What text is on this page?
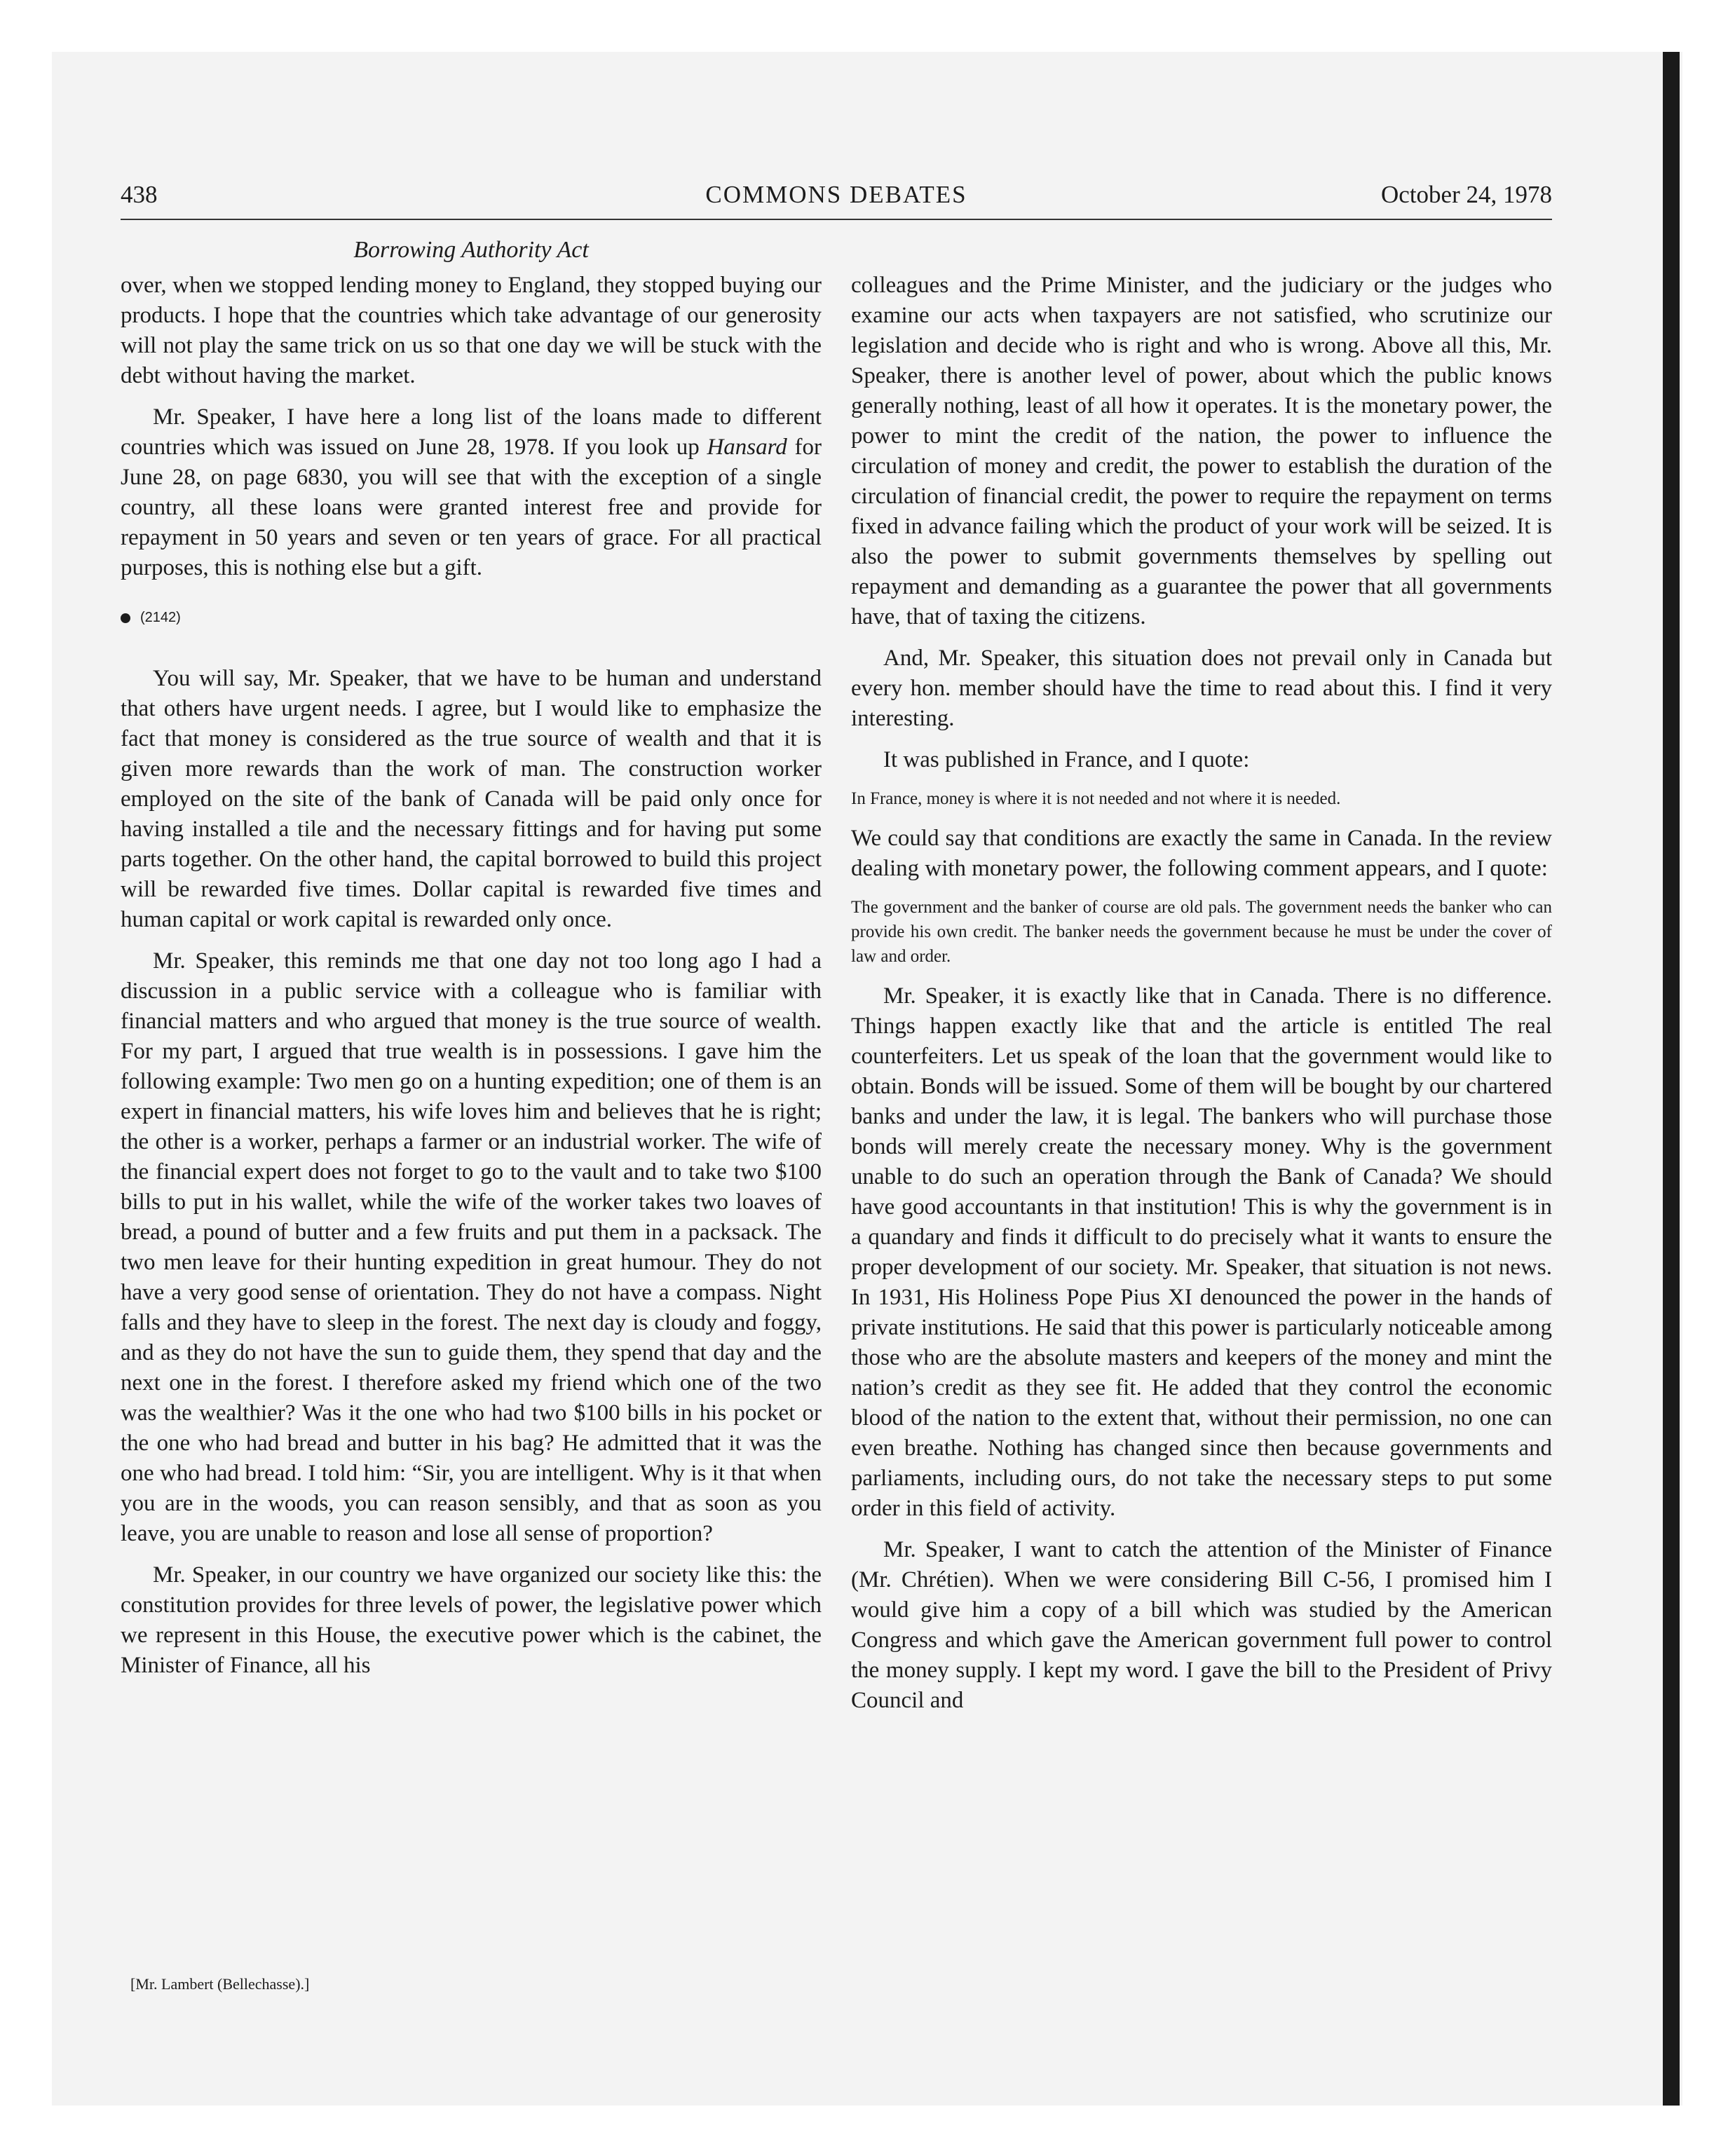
438	COMMONS DEBATES	October 24, 1978
Borrowing Authority Act

over, when we stopped lending money to England, they stopped buying our products. I hope that the countries which take advantage of our generosity will not play the same trick on us so that one day we will be stuck with the debt without having the market.

Mr. Speaker, I have here a long list of the loans made to different countries which was issued on June 28, 1978. If you look up Hansard for June 28, on page 6830, you will see that with the exception of a single country, all these loans were granted interest free and provide for repayment in 50 years and seven or ten years of grace. For all practical purposes, this is nothing else but a gift.

(2142)

You will say, Mr. Speaker, that we have to be human and understand that others have urgent needs. I agree, but I would like to emphasize the fact that money is considered as the true source of wealth and that it is given more rewards than the work of man. The construction worker employed on the site of the bank of Canada will be paid only once for having installed a tile and the necessary fittings and for having put some parts together. On the other hand, the capital borrowed to build this project will be rewarded five times. Dollar capital is rewarded five times and human capital or work capital is rewarded only once.

Mr. Speaker, this reminds me that one day not too long ago I had a discussion in a public service with a colleague who is familiar with financial matters and who argued that money is the true source of wealth. For my part, I argued that true wealth is in possessions. I gave him the following example: Two men go on a hunting expedition; one of them is an expert in financial matters, his wife loves him and believes that he is right; the other is a worker, perhaps a farmer or an industrial worker. The wife of the financial expert does not forget to go to the vault and to take two $100 bills to put in his wallet, while the wife of the worker takes two loaves of bread, a pound of butter and a few fruits and put them in a packsack. The two men leave for their hunting expedition in great humour. They do not have a very good sense of orientation. They do not have a compass. Night falls and they have to sleep in the forest. The next day is cloudy and foggy, and as they do not have the sun to guide them, they spend that day and the next one in the forest. I therefore asked my friend which one of the two was the wealthier? Was it the one who had two $100 bills in his pocket or the one who had bread and butter in his bag? He admitted that it was the one who had bread. I told him: “Sir, you are intelligent. Why is it that when you are in the woods, you can reason sensibly, and that as soon as you leave, you are unable to reason and lose all sense of proportion?

Mr. Speaker, in our country we have organized our society like this: the constitution provides for three levels of power, the legislative power which we represent in this House, the executive power which is the cabinet, the Minister of Finance, all his

colleagues and the Prime Minister, and the judiciary or the judges who examine our acts when taxpayers are not satisfied, who scrutinize our legislation and decide who is right and who is wrong. Above all this, Mr. Speaker, there is another level of power, about which the public knows generally nothing, least of all how it operates. It is the monetary power, the power to mint the credit of the nation, the power to influence the circulation of money and credit, the power to establish the duration of the circulation of financial credit, the power to require the repayment on terms fixed in advance failing which the product of your work will be seized. It is also the power to submit governments themselves by spelling out repayment and demanding as a guarantee the power that all governments have, that of taxing the citizens.

And, Mr. Speaker, this situation does not prevail only in Canada but every hon. member should have the time to read about this. I find it very interesting.

It was published in France, and I quote:

In France, money is where it is not needed and not where it is needed.

We could say that conditions are exactly the same in Canada. In the review dealing with monetary power, the following comment appears, and I quote:

The government and the banker of course are old pals. The government needs the banker who can provide his own credit. The banker needs the government because he must be under the cover of law and order.

Mr. Speaker, it is exactly like that in Canada. There is no difference. Things happen exactly like that and the article is entitled The real counterfeiters. Let us speak of the loan that the government would like to obtain. Bonds will be issued. Some of them will be bought by our chartered banks and under the law, it is legal. The bankers who will purchase those bonds will merely create the necessary money. Why is the government unable to do such an operation through the Bank of Canada? We should have good accountants in that institution! This is why the government is in a quandary and finds it difficult to do precisely what it wants to ensure the proper development of our society. Mr. Speaker, that situation is not news. In 1931, His Holiness Pope Pius XI denounced the power in the hands of private institutions. He said that this power is particularly noticeable among those who are the absolute masters and keepers of the money and mint the nation’s credit as they see fit. He added that they control the economic blood of the nation to the extent that, without their permission, no one can even breathe. Nothing has changed since then because governments and parliaments, including ours, do not take the necessary steps to put some order in this field of activity.

Mr. Speaker, I want to catch the attention of the Minister of Finance (Mr. Chrétien). When we were considering Bill C-56, I promised him I would give him a copy of a bill which was studied by the American Congress and which gave the American government full power to control the money supply. I kept my word. I gave the bill to the President of Privy Council and

[Mr. Lambert (Bellechasse).]
